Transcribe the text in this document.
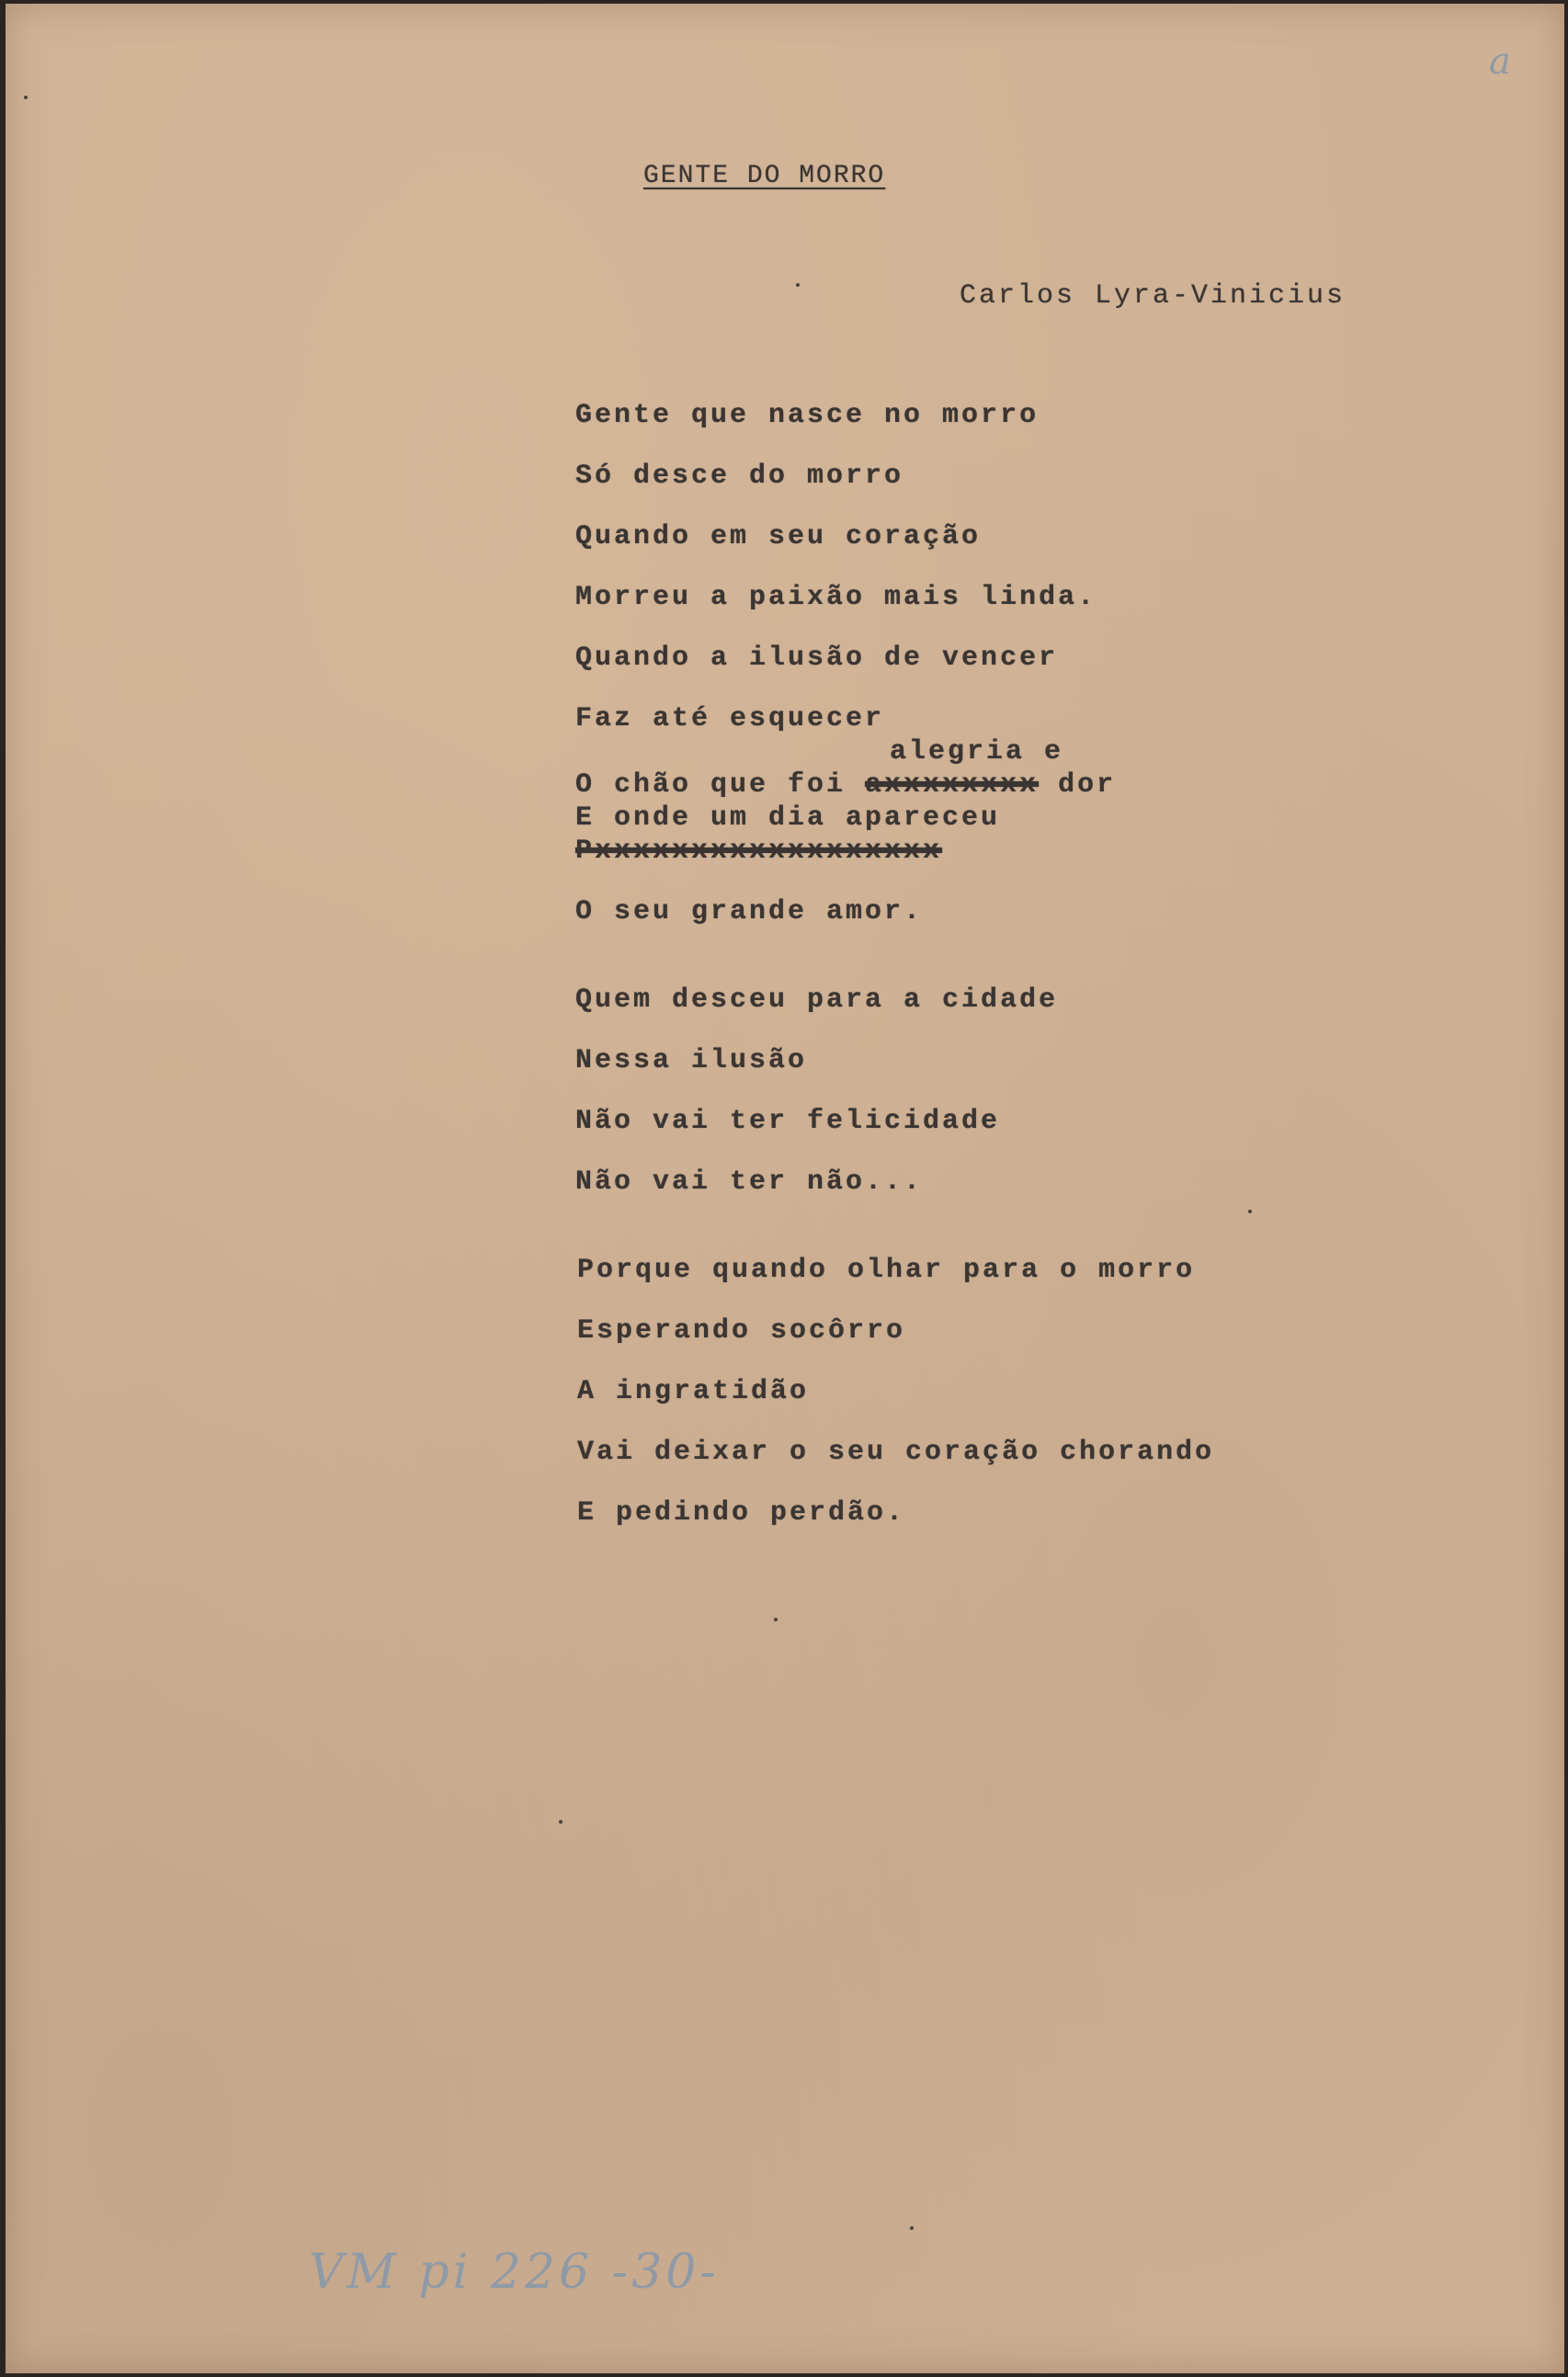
a
GENTE DO MORRO
Carlos Lyra-Vinicius
Gente que nasce no morro
Só desce do morro
Quando em seu coração
Morreu a paixão mais linda.
Quando a ilusão de vencer
Faz até esquecer
alegria e
O chão que foi axxxxxxxx dor
E onde um dia apareceu
Pxxxxxxxxxxxxxxxxxx
O seu grande amor.
Quem desceu para a cidade
Nessa ilusão
Não vai ter felicidade
Não vai ter não...
Porque quando olhar para o morro
Esperando socôrro
A ingratidão
Vai deixar o seu coração chorando
E pedindo perdão.
VM pi 226 -30-
